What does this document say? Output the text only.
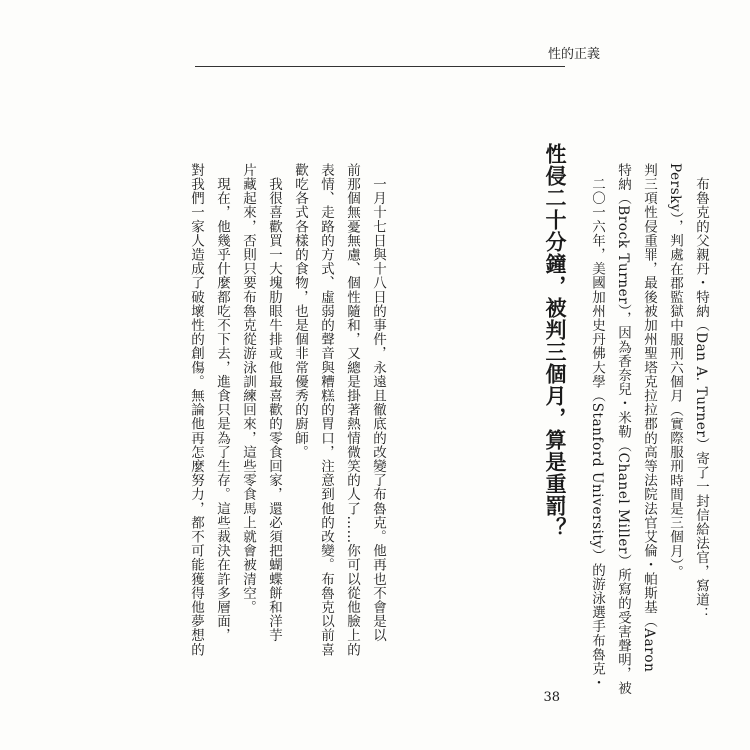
性的正義
性侵二十分鐘，被判三個月，算是重罰？ 　二〇一六年，美國加州史丹佛大學（Stanford University）的游泳選手布魯克・ 特納（Brock Turner），因為香奈兒・米勒（Chanel Miller）所寫的受害聲明，被 判三項性侵重罪，最後被加州聖塔克拉拉郡的高等法院法官艾倫・帕斯基（Aaron Persky），判處在郡監獄中服刑六個月（實際服刑時間是三個月）。 　布魯克的父親丹・特納（Dan A. Turner）寄了一封信給法官，寫道：
　一月十七日與十八日的事件，永遠且徹底的改變了布魯克。他再也不會是以
前那個無憂無慮、個性隨和，又總是掛著熱情微笑的人了……你可以從他臉上的
表情、走路的方式、虛弱的聲音與糟糕的胃口，注意到他的改變。布魯克以前喜
歡吃各式各樣的食物，也是個非常優秀的廚師。
　我很喜歡買一大塊肋眼牛排或他最喜歡的零食回家，還必須把蝴蝶餅和洋芋
片藏起來，否則只要布魯克從游泳訓練回來，這些零食馬上就會被清空。
　現在，他幾乎什麼都吃不下去，進食只是為了生存。這些裁決在許多層面，
對我們一家人造成了破壞性的創傷。無論他再怎麼努力，都不可能獲得他夢想的
38
